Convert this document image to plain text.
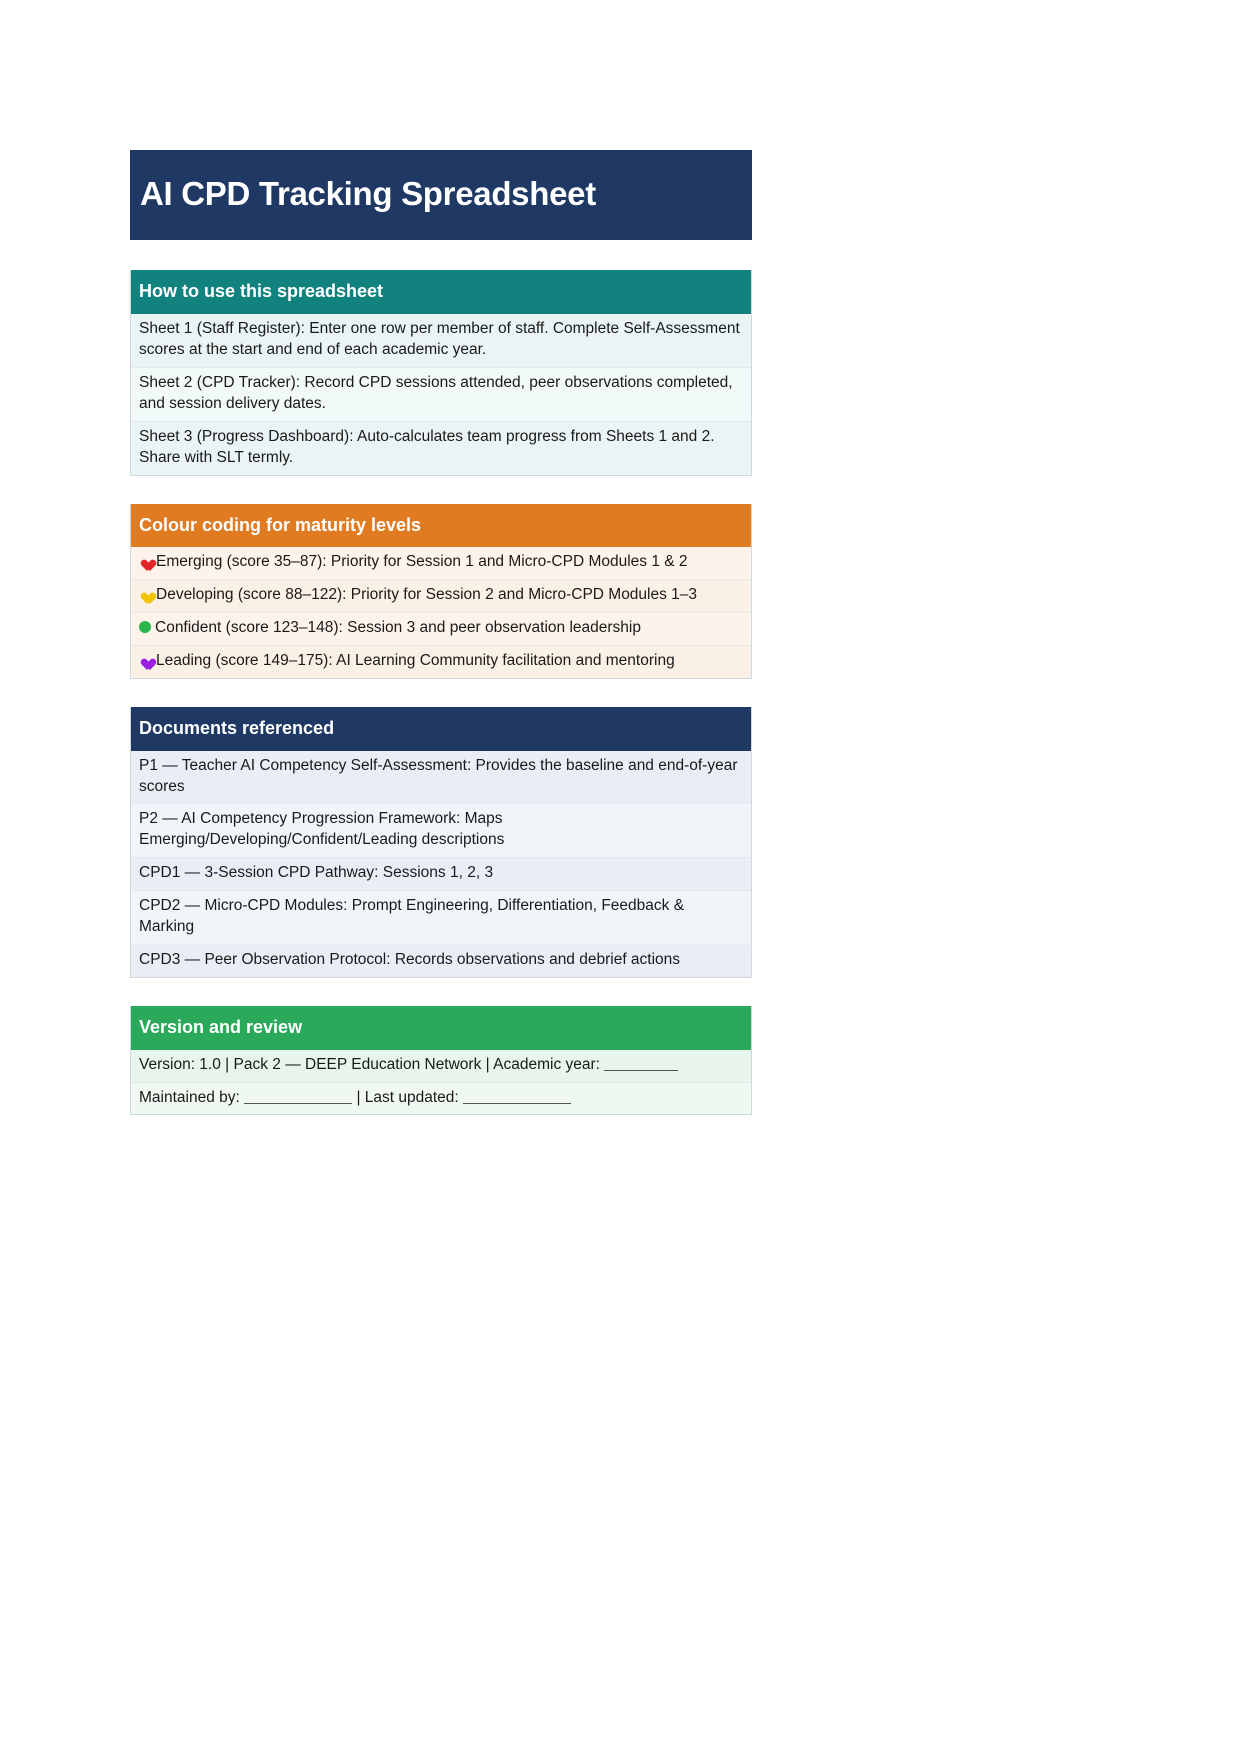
AI CPD Tracking Spreadsheet
How to use this spreadsheet
Sheet 1 (Staff Register): Enter one row per member of staff. Complete Self-Assessment scores at the start and end of each academic year.
Sheet 2 (CPD Tracker): Record CPD sessions attended, peer observations completed, and session delivery dates.
Sheet 3 (Progress Dashboard): Auto-calculates team progress from Sheets 1 and 2. Share with SLT termly.
Colour coding for maturity levels
Emerging (score 35–87): Priority for Session 1 and Micro-CPD Modules 1 & 2
Developing (score 88–122): Priority for Session 2 and Micro-CPD Modules 1–3
Confident (score 123–148): Session 3 and peer observation leadership
Leading (score 149–175): AI Learning Community facilitation and mentoring
Documents referenced
P1 — Teacher AI Competency Self-Assessment: Provides the baseline and end-of-year scores
P2 — AI Competency Progression Framework: Maps Emerging/Developing/Confident/Leading descriptions
CPD1 — 3-Session CPD Pathway: Sessions 1, 2, 3
CPD2 — Micro-CPD Modules: Prompt Engineering, Differentiation, Feedback & Marking
CPD3 — Peer Observation Protocol: Records observations and debrief actions
Version and review
Version: 1.0 | Pack 2 — DEEP Education Network | Academic year:
Maintained by:	| Last updated:
